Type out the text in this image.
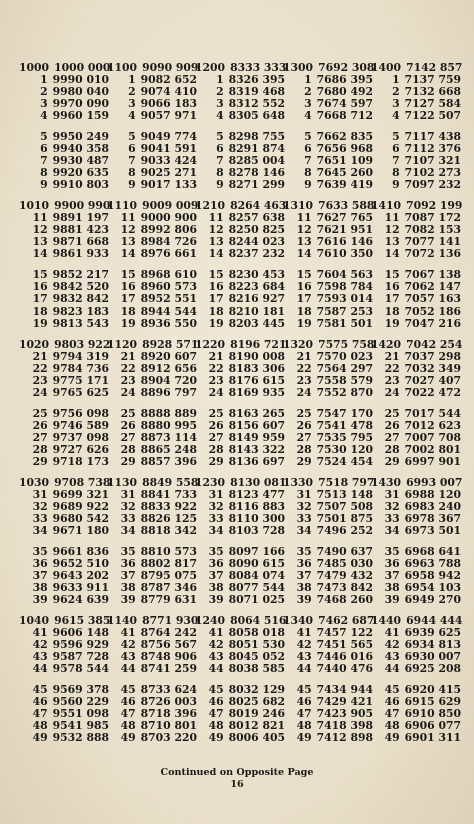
1000 1000 000
1 9990 010
2 9980 040
3 9970 090
4 9960 159
5 9950 249
6 9940 358
7 9930 487
8 9920 635
9 9910 803
1010 9900 990
11 9891 197
12 9881 423
13 9871 668
14 9861 933
15 9852 217
16 9842 520
17 9832 842
18 9823 183
19 9813 543
1020 9803 922
21 9794 319
22 9784 736
23 9775 171
24 9765 625
25 9756 098
26 9746 589
27 9737 098
28 9727 626
29 9718 173
1030 9708 738
31 9699 321
32 9689 922
33 9680 542
34 9671 180
35 9661 836
36 9652 510
37 9643 202
38 9633 911
39 9624 639
1040 9615 385
41 9606 148
42 9596 929
43 9587 728
44 9578 544
45 9569 378
46 9560 229
47 9551 098
48 9541 985
49 9532 888
1100 9090 909
1 9082 652
2 9074 410
3 9066 183
4 9057 971
5 9049 774
6 9041 591
7 9033 424
8 9025 271
9 9017 133
1110 9009 009
11 9000 900
12 8992 806
13 8984 726
14 8976 661
15 8968 610
16 8960 573
17 8952 551
18 8944 544
19 8936 550
1120 8928 571
21 8920 607
22 8912 656
23 8904 720
24 8896 797
25 8888 889
26 8880 995
27 8873 114
28 8865 248
29 8857 396
1130 8849 558
31 8841 733
32 8833 922
33 8826 125
34 8818 342
35 8810 573
36 8802 817
37 8795 075
38 8787 346
39 8779 631
1140 8771 930
41 8764 242
42 8756 567
43 8748 906
44 8741 259
45 8733 624
46 8726 003
47 8718 396
48 8710 801
49 8703 220
1200 8333 333
1 8326 395
2 8319 468
3 8312 552
4 8305 648
5 8298 755
6 8291 874
7 8285 004
8 8278 146
9 8271 299
1210 8264 463
11 8257 638
12 8250 825
13 8244 023
14 8237 232
15 8230 453
16 8223 684
17 8216 927
18 8210 181
19 8203 445
1220 8196 721
21 8190 008
22 8183 306
23 8176 615
24 8169 935
25 8163 265
26 8156 607
27 8149 959
28 8143 322
29 8136 697
1230 8130 081
31 8123 477
32 8116 883
33 8110 300
34 8103 728
35 8097 166
36 8090 615
37 8084 074
38 8077 544
39 8071 025
1240 8064 516
41 8058 018
42 8051 530
43 8045 052
44 8038 585
45 8032 129
46 8025 682
47 8019 246
48 8012 821
49 8006 405
1300 7692 308
1 7686 395
2 7680 492
3 7674 597
4 7668 712
5 7662 835
6 7656 968
7 7651 109
8 7645 260
9 7639 419
1310 7633 588
11 7627 765
12 7621 951
13 7616 146
14 7610 350
15 7604 563
16 7598 784
17 7593 014
18 7587 253
19 7581 501
1320 7575 758
21 7570 023
22 7564 297
23 7558 579
24 7552 870
25 7547 170
26 7541 478
27 7535 795
28 7530 120
29 7524 454
1330 7518 797
31 7513 148
32 7507 508
33 7501 875
34 7496 252
35 7490 637
36 7485 030
37 7479 432
38 7473 842
39 7468 260
1340 7462 687
41 7457 122
42 7451 565
43 7446 016
44 7440 476
45 7434 944
46 7429 421
47 7423 905
48 7418 398
49 7412 898
1400 7142 857
1 7137 759
2 7132 668
3 7127 584
4 7122 507
5 7117 438
6 7112 376
7 7107 321
8 7102 273
9 7097 232
1410 7092 199
11 7087 172
12 7082 153
13 7077 141
14 7072 136
15 7067 138
16 7062 147
17 7057 163
18 7052 186
19 7047 216
1420 7042 254
21 7037 298
22 7032 349
23 7027 407
24 7022 472
25 7017 544
26 7012 623
27 7007 708
28 7002 801
29 6997 901
1430 6993 007
31 6988 120
32 6983 240
33 6978 367
34 6973 501
35 6968 641
36 6963 788
37 6958 942
38 6954 103
39 6949 270
1440 6944 444
41 6939 625
42 6934 813
43 6930 007
44 6925 208
45 6920 415
46 6915 629
47 6910 850
48 6906 077
49 6901 311
Continued on Opposite Page
16
